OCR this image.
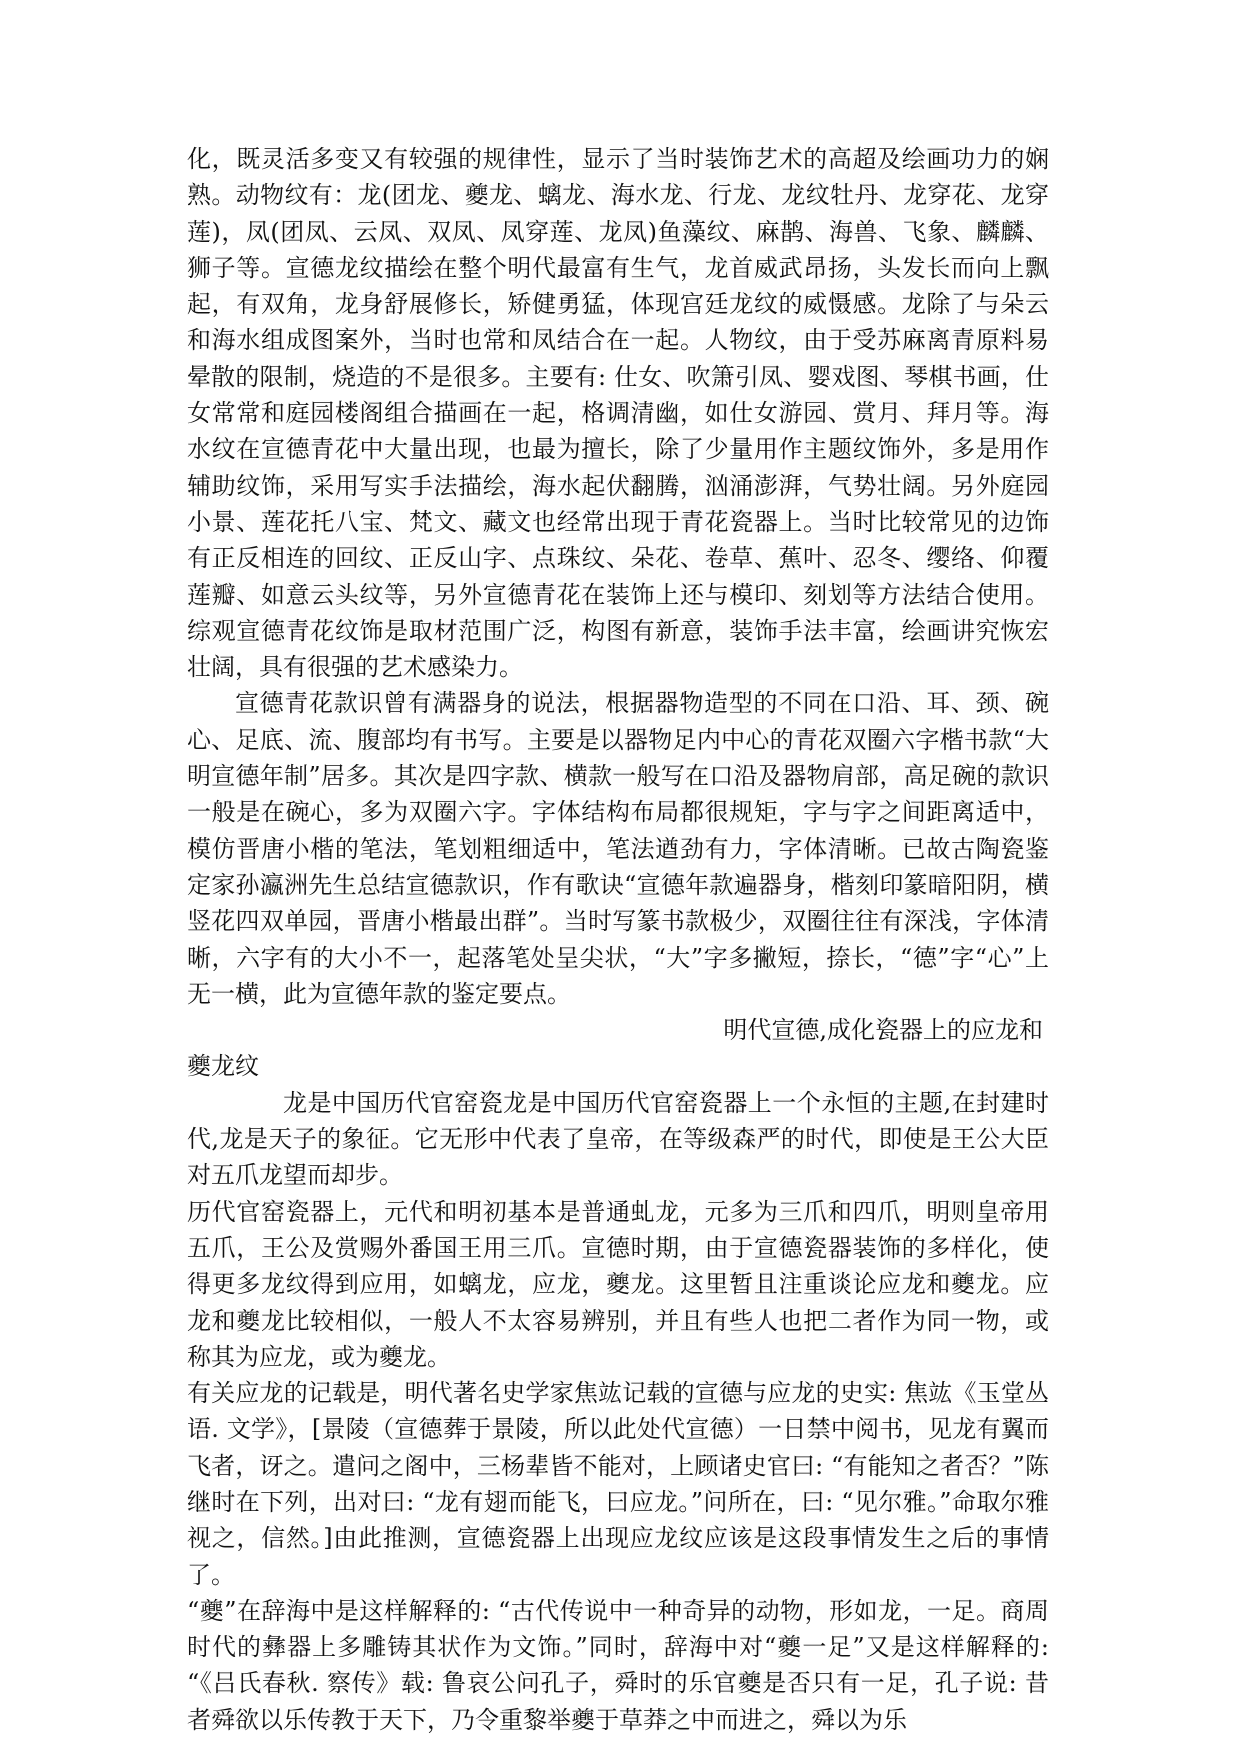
化，既灵活多变又有较强的规律性，显示了当时装饰艺术的高超及绘画功力的娴熟。动物纹有：龙(团龙、夔龙、螭龙、海水龙、行龙、龙纹牡丹、龙穿花、龙穿莲)，凤(团凤、云凤、双凤、凤穿莲、龙凤)鱼藻纹、麻鹊、海兽、飞象、麟麟、狮子等。宣德龙纹描绘在整个明代最富有生气，龙首威武昂扬，头发长而向上飘起，有双角，龙身舒展修长，矫健勇猛，体现宫廷龙纹的威慑感。龙除了与朵云和海水组成图案外，当时也常和凤结合在一起。人物纹，由于受苏麻离青原料易晕散的限制，烧造的不是很多。主要有: 仕女、吹箫引凤、婴戏图、琴棋书画，仕女常常和庭园楼阁组合描画在一起，格调清幽，如仕女游园、赏月、拜月等。海水纹在宣德青花中大量出现，也最为擅长，除了少量用作主题纹饰外，多是用作辅助纹饰，采用写实手法描绘，海水起伏翻腾，汹涌澎湃，气势壮阔。另外庭园小景、莲花托八宝、梵文、藏文也经常出现于青花瓷器上。当时比较常见的边饰有正反相连的回纹、正反山字、点珠纹、朵花、卷草、蕉叶、忍冬、缨络、仰覆莲瓣、如意云头纹等，另外宣德青花在装饰上还与模印、刻划等方法结合使用。综观宣德青花纹饰是取材范围广泛，构图有新意，装饰手法丰富，绘画讲究恢宏壮阔，具有很强的艺术感染力。

宣德青花款识曾有满器身的说法，根据器物造型的不同在口沿、耳、颈、碗心、足底、流、腹部均有书写。主要是以器物足内中心的青花双圈六字楷书款“大明宣德年制”居多。其次是四字款、横款一般写在口沿及器物肩部，高足碗的款识一般是在碗心，多为双圈六字。字体结构布局都很规矩，字与字之间距离适中，模仿晋唐小楷的笔法，笔划粗细适中，笔法遒劲有力，字体清晰。已故古陶瓷鉴定家孙瀛洲先生总结宣德款识，作有歌诀“宣德年款遍器身，楷刻印篆暗阳阴，横竖花四双单园，晋唐小楷最出群”。当时写篆书款极少，双圈往往有深浅，字体清晰，六字有的大小不一，起落笔处呈尖状，“大”字多撇短，捺长，“德”字“心”上无一横，此为宣德年款的鉴定要点。

明代宣德,成化瓷器上的应龙和

夔龙纹

龙是中国历代官窑瓷龙是中国历代官窑瓷器上一个永恒的主题,在封建时代,龙是天子的象征。它无形中代表了皇帝，在等级森严的时代，即使是王公大臣对五爪龙望而却步。

历代官窑瓷器上，元代和明初基本是普通虬龙，元多为三爪和四爪，明则皇帝用五爪，王公及赏赐外番国王用三爪。宣德时期，由于宣德瓷器装饰的多样化，使得更多龙纹得到应用，如螭龙，应龙，夔龙。这里暂且注重谈论应龙和夔龙。应龙和夔龙比较相似，一般人不太容易辨别，并且有些人也把二者作为同一物，或称其为应龙，或为夔龙。

有关应龙的记载是，明代著名史学家焦竑记载的宣德与应龙的史实: 焦竑《玉堂丛语. 文学》，[景陵（宣德葬于景陵，所以此处代宣德）一日禁中阅书，见龙有翼而飞者，讶之。遣问之阁中，三杨辈皆不能对，上顾诸史官曰: “有能知之者否？”陈继时在下列，出对曰: “龙有翅而能飞，曰应龙。”问所在，曰: “见尔雅。”命取尔雅视之，信然。]由此推测，宣德瓷器上出现应龙纹应该是这段事情发生之后的事情了。

“夔”在辞海中是这样解释的: “古代传说中一种奇异的动物，形如龙，一足。商周时代的彝器上多雕铸其状作为文饰。”同时，辞海中对“夔一足”又是这样解释的: “《吕氏春秋. 察传》载: 鲁哀公问孔子，舜时的乐官夔是否只有一足，孔子说: 昔者舜欲以乐传教于天下，乃令重黎举夔于草莽之中而进之，舜以为乐
